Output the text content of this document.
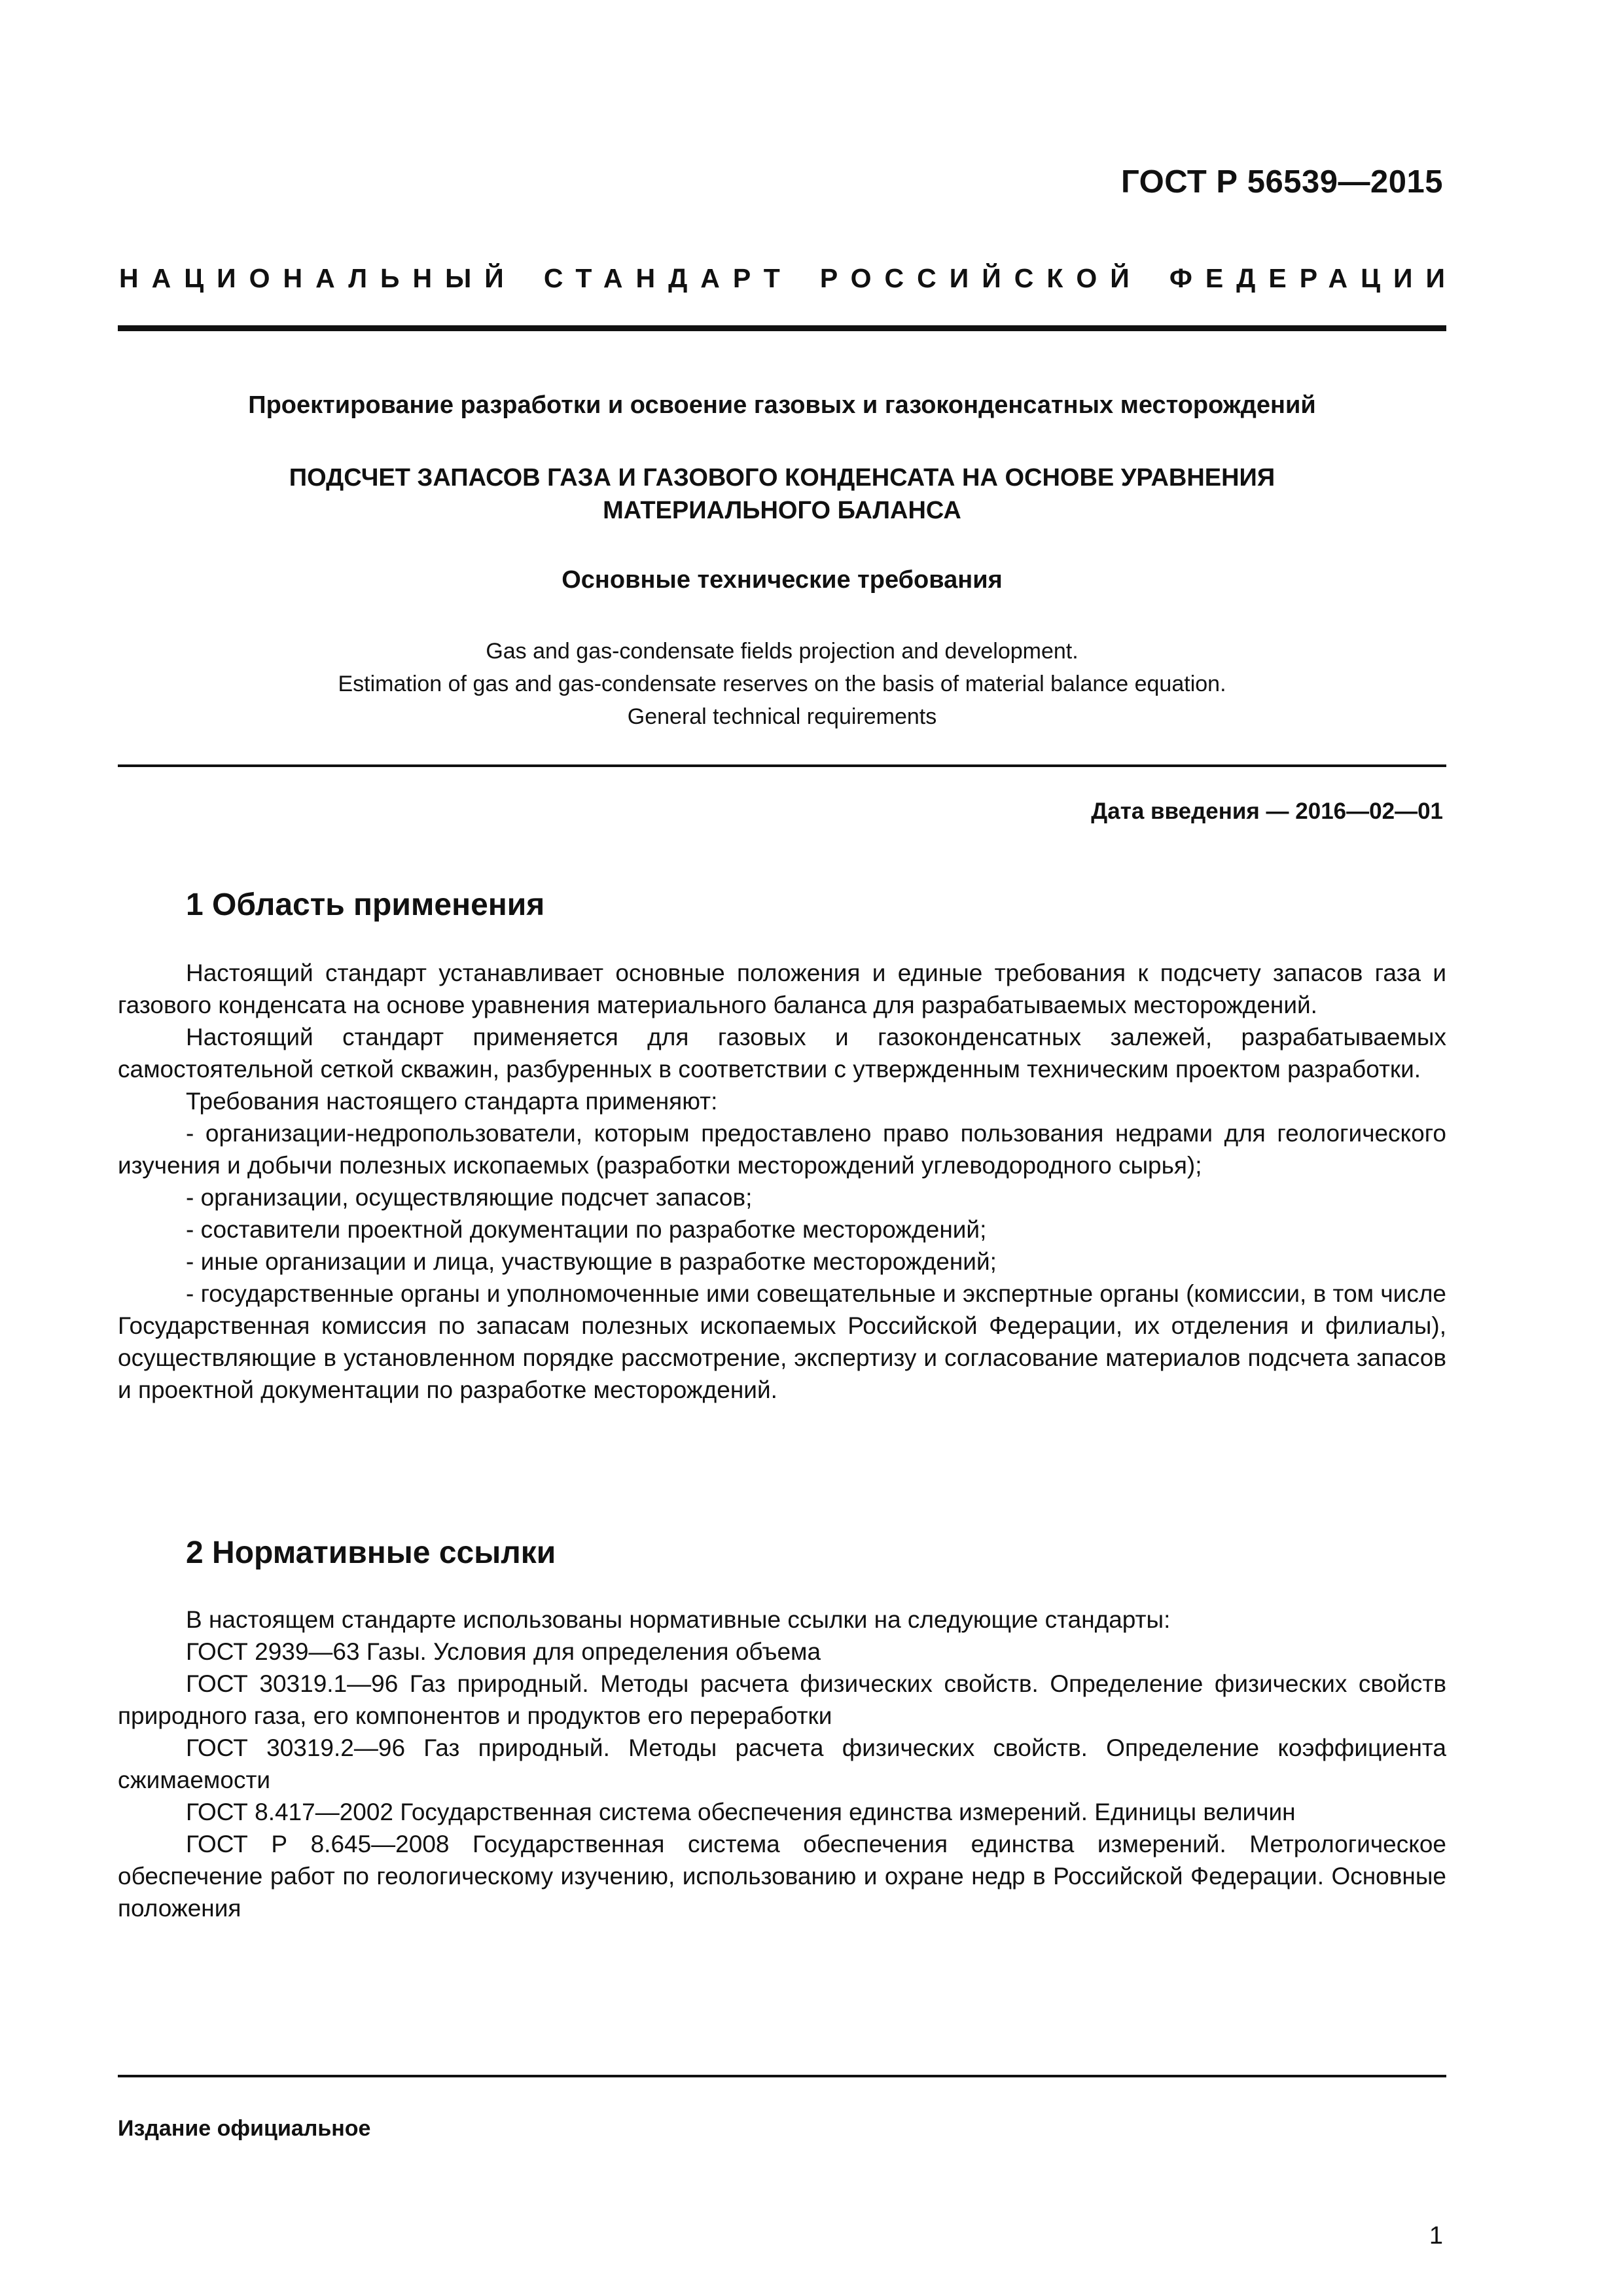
ГОСТ Р 56539—2015
НАЦИОНАЛЬНЫЙ СТАНДАРТ РОССИЙСКОЙ ФЕДЕРАЦИИ
Проектирование разработки и освоение газовых и газоконденсатных месторождений
ПОДСЧЕТ ЗАПАСОВ ГАЗА И ГАЗОВОГО КОНДЕНСАТА НА ОСНОВЕ УРАВНЕНИЯ
МАТЕРИАЛЬНОГО БАЛАНСА
Основные технические требования
Gas and gas-condensate fields projection and development.
Estimation of gas and gas-condensate reserves on the basis of material balance equation.
General technical requirements
Дата введения — 2016—02—01
1 Область применения

Настоящий стандарт устанавливает основные положения и единые требования к подсчету запасов газа и газового конденсата на основе уравнения материального баланса для разрабатываемых месторождений.

Настоящий стандарт применяется для газовых и газоконденсатных залежей, разрабатываемых самостоятельной сеткой скважин, разбуренных в соответствии с утвержденным техническим проектом разработки.

Требования настоящего стандарта применяют:

- организации-недропользователи, которым предоставлено право пользования недрами для геологического изучения и добычи полезных ископаемых (разработки месторождений углеводородного сырья);

- организации, осуществляющие подсчет запасов;

- составители проектной документации по разработке месторождений;

- иные организации и лица, участвующие в разработке месторождений;

- государственные органы и уполномоченные ими совещательные и экспертные органы (комиссии, в том числе Государственная комиссия по запасам полезных ископаемых Российской Федерации, их отделения и филиалы), осуществляющие в установленном порядке рассмотрение, экспертизу и согласование материалов подсчета запасов и проектной документации по разработке месторождений.

2 Нормативные ссылки

В настоящем стандарте использованы нормативные ссылки на следующие стандарты:

ГОСТ 2939—63 Газы. Условия для определения объема

ГОСТ 30319.1—96 Газ природный. Методы расчета физических свойств. Определение физических свойств природного газа, его компонентов и продуктов его переработки

ГОСТ 30319.2—96 Газ природный. Методы расчета физических свойств. Определение коэффициента сжимаемости

ГОСТ 8.417—2002 Государственная система обеспечения единства измерений. Единицы величин

ГОСТ Р 8.645—2008 Государственная система обеспечения единства измерений. Метрологическое обеспечение работ по геологическому изучению, использованию и охране недр в Российской Федерации. Основные положения

Издание официальное
1
